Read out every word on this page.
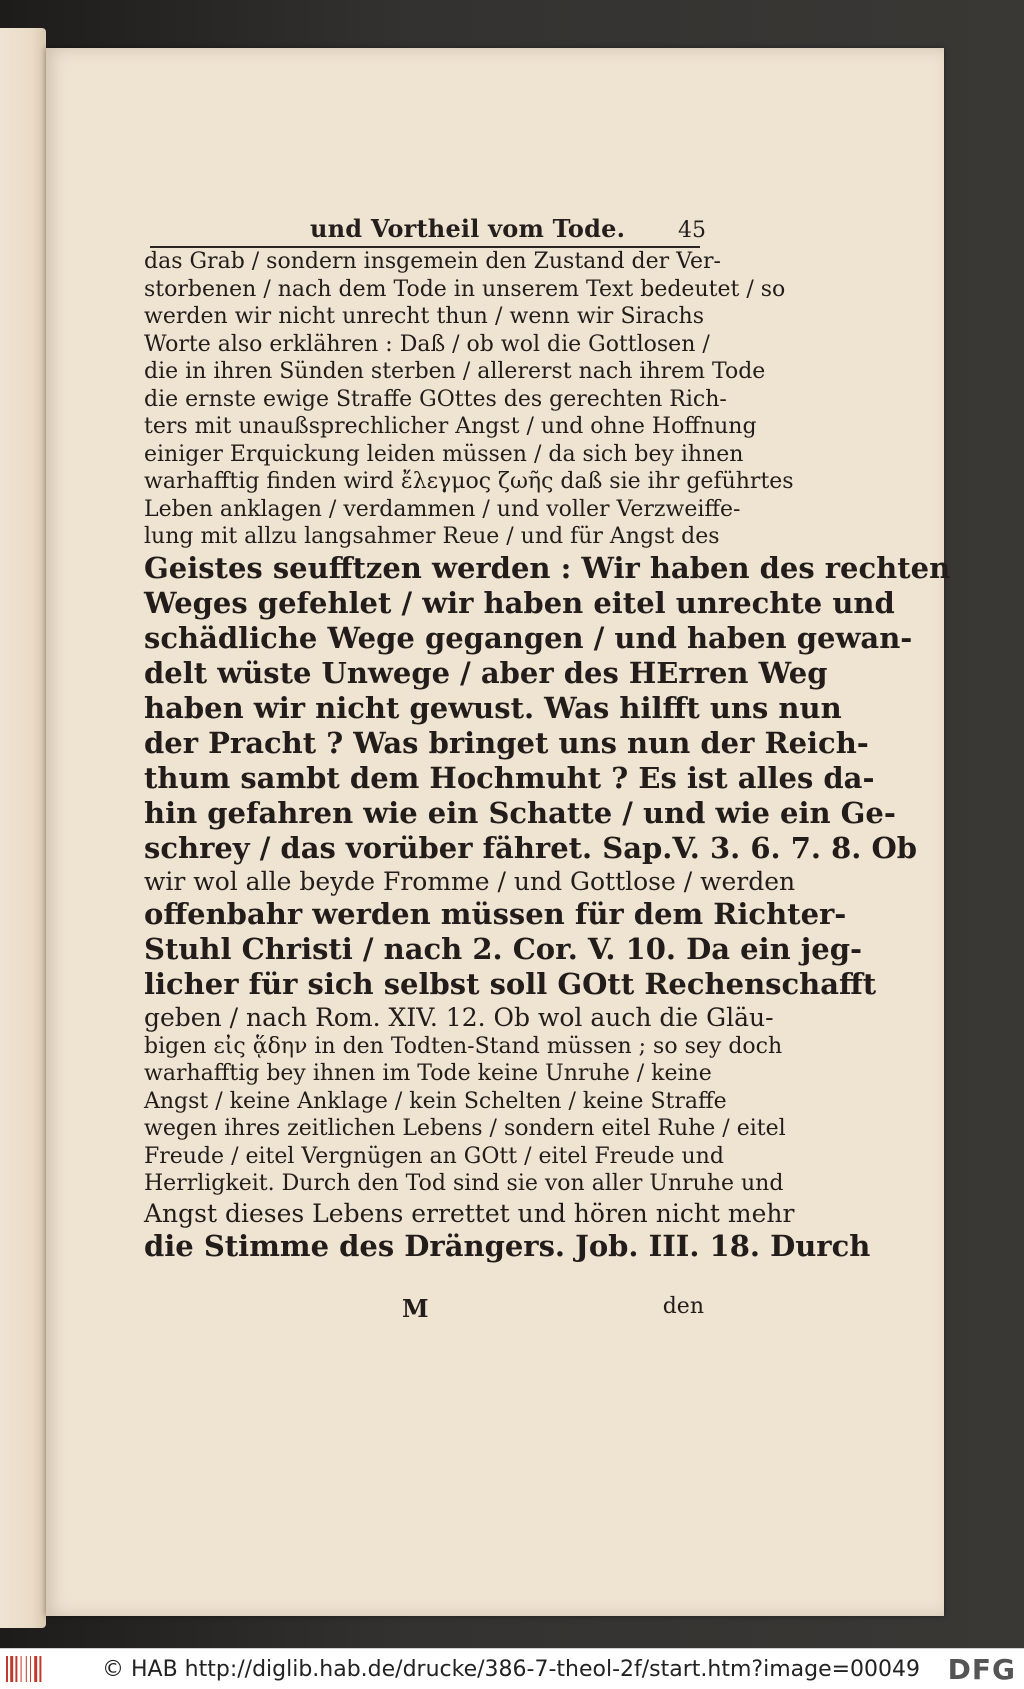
und Vortheil vom Tode. 45
das Grab / sondern insgemein den Zustand der Ver-
storbenen / nach dem Tode in unserem Text bedeutet / so
werden wir nicht unrecht thun / wenn wir Sirachs
Worte also erklähren : Daß / ob wol die Gottlosen /
die in ihren Sünden sterben / allererst nach ihrem Tode
die ernste ewige Straffe GOttes des gerechten Rich-
ters mit unaußsprechlicher Angst / und ohne Hoffnung
einiger Erquickung leiden müssen / da sich bey ihnen
warhafftig finden wird ἔλεγμος ζωῆς daß sie ihr geführtes
Leben anklagen / verdammen / und voller Verzweiffe-
lung mit allzu langsahmer Reue / und für Angst des
Geistes seufftzen werden : Wir haben des rechten
Weges gefehlet / wir haben eitel unrechte und
schädliche Wege gegangen / und haben gewan-
delt wüste Unwege / aber des HErren Weg
haben wir nicht gewust. Was hilfft uns nun
der Pracht ? Was bringet uns nun der Reich-
thum sambt dem Hochmuht ? Es ist alles da-
hin gefahren wie ein Schatte / und wie ein Ge-
schrey / das vorüber fähret. Sap.V. 3. 6. 7. 8. Ob
wir wol alle beyde Fromme / und Gottlose / werden
offenbahr werden müssen für dem Richter-
Stuhl Christi / nach 2. Cor. V. 10. Da ein jeg-
licher für sich selbst soll GOtt Rechenschafft
geben / nach Rom. XIV. 12. Ob wol auch die Gläu-
bigen εἰς ᾅδην in den Todten-Stand müssen ; so sey doch
warhafftig bey ihnen im Tode keine Unruhe / keine
Angst / keine Anklage / kein Schelten / keine Straffe
wegen ihres zeitlichen Lebens / sondern eitel Ruhe / eitel
Freude / eitel Vergnügen an GOtt / eitel Freude und
Herrligkeit. Durch den Tod sind sie von aller Unruhe und
Angst dieses Lebens errettet und hören nicht mehr
die Stimme des Drängers. Job. III. 18. Durch
M	den
© HAB http://diglib.hab.de/drucke/386-7-theol-2f/start.htm?image=00049 DFG
